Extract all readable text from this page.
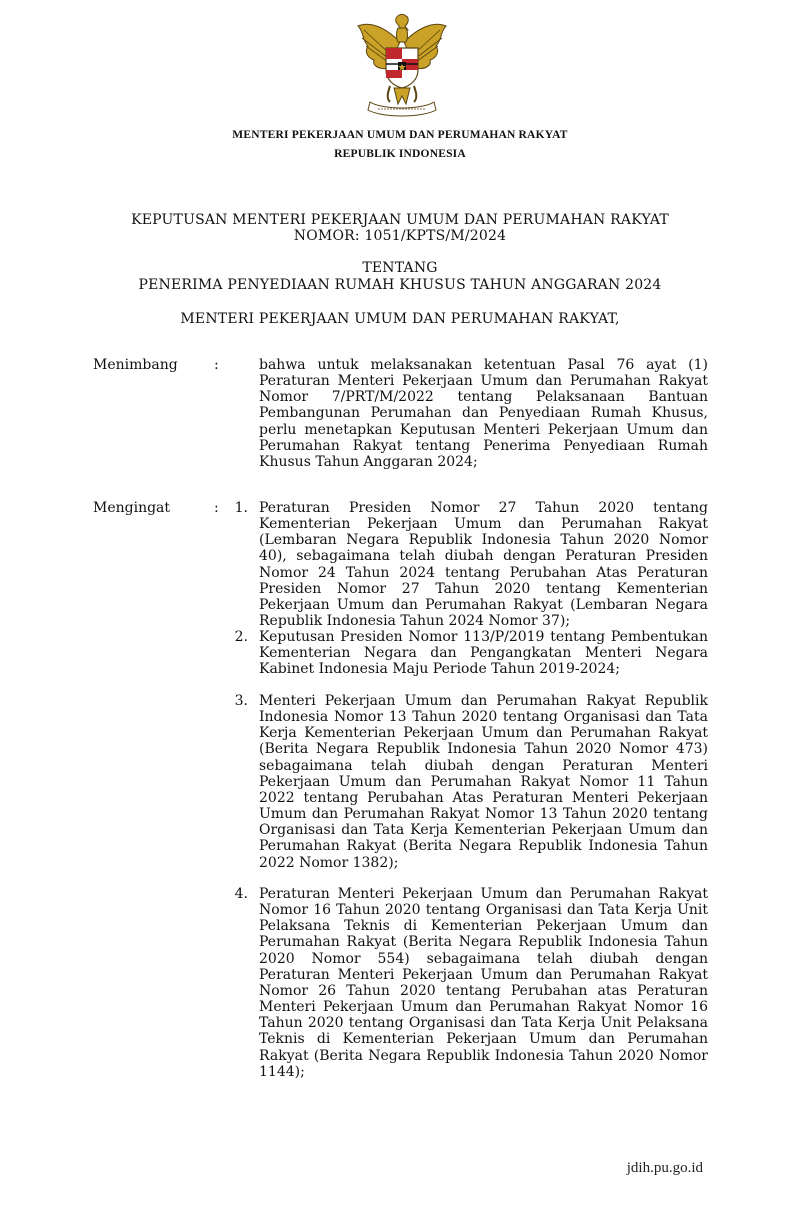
MENTERI PEKERJAAN UMUM DAN PERUMAHAN RAKYAT
REPUBLIK INDONESIA
KEPUTUSAN MENTERI PEKERJAAN UMUM DAN PERUMAHAN RAKYAT
NOMOR: 1051/KPTS/M/2024
TENTANG
PENERIMA PENYEDIAAN RUMAH KHUSUS TAHUN ANGGARAN 2024
MENTERI PEKERJAAN UMUM DAN PERUMAHAN RAKYAT,
Menimbang	:	bahwa untuk melaksanakan ketentuan Pasal 76 ayat (1) Peraturan Menteri Pekerjaan Umum dan Perumahan Rakyat Nomor 7/PRT/M/2022 tentang Pelaksanaan Bantuan Pembangunan Perumahan dan Penyediaan Rumah Khusus, perlu menetapkan Keputusan Menteri Pekerjaan Umum dan Perumahan Rakyat tentang Penerima Penyediaan Rumah Khusus Tahun Anggaran 2024;
Mengingat	:	1. Peraturan Presiden Nomor 27 Tahun 2020 tentang Kementerian Pekerjaan Umum dan Perumahan Rakyat (Lembaran Negara Republik Indonesia Tahun 2020 Nomor 40), sebagaimana telah diubah dengan Peraturan Presiden Nomor 24 Tahun 2024 tentang Perubahan Atas Peraturan Presiden Nomor 27 Tahun 2020 tentang Kementerian Pekerjaan Umum dan Perumahan Rakyat (Lembaran Negara Republik Indonesia Tahun 2024 Nomor 37);
2. Keputusan Presiden Nomor 113/P/2019 tentang Pembentukan Kementerian Negara dan Pengangkatan Menteri Negara Kabinet Indonesia Maju Periode Tahun 2019-2024;
3. Menteri Pekerjaan Umum dan Perumahan Rakyat Republik Indonesia Nomor 13 Tahun 2020 tentang Organisasi dan Tata Kerja Kementerian Pekerjaan Umum dan Perumahan Rakyat (Berita Negara Republik Indonesia Tahun 2020 Nomor 473) sebagaimana telah diubah dengan Peraturan Menteri Pekerjaan Umum dan Perumahan Rakyat Nomor 11 Tahun 2022 tentang Perubahan Atas Peraturan Menteri Pekerjaan Umum dan Perumahan Rakyat Nomor 13 Tahun 2020 tentang Organisasi dan Tata Kerja Kementerian Pekerjaan Umum dan Perumahan Rakyat (Berita Negara Republik Indonesia Tahun 2022 Nomor 1382);
4. Peraturan Menteri Pekerjaan Umum dan Perumahan Rakyat Nomor 16 Tahun 2020 tentang Organisasi dan Tata Kerja Unit Pelaksana Teknis di Kementerian Pekerjaan Umum dan Perumahan Rakyat (Berita Negara Republik Indonesia Tahun 2020 Nomor 554) sebagaimana telah diubah dengan Peraturan Menteri Pekerjaan Umum dan Perumahan Rakyat Nomor 26 Tahun 2020 tentang Perubahan atas Peraturan Menteri Pekerjaan Umum dan Perumahan Rakyat Nomor 16 Tahun 2020 tentang Organisasi dan Tata Kerja Unit Pelaksana Teknis di Kementerian Pekerjaan Umum dan Perumahan Rakyat (Berita Negara Republik Indonesia Tahun 2020 Nomor 1144);
jdih.pu.go.id
